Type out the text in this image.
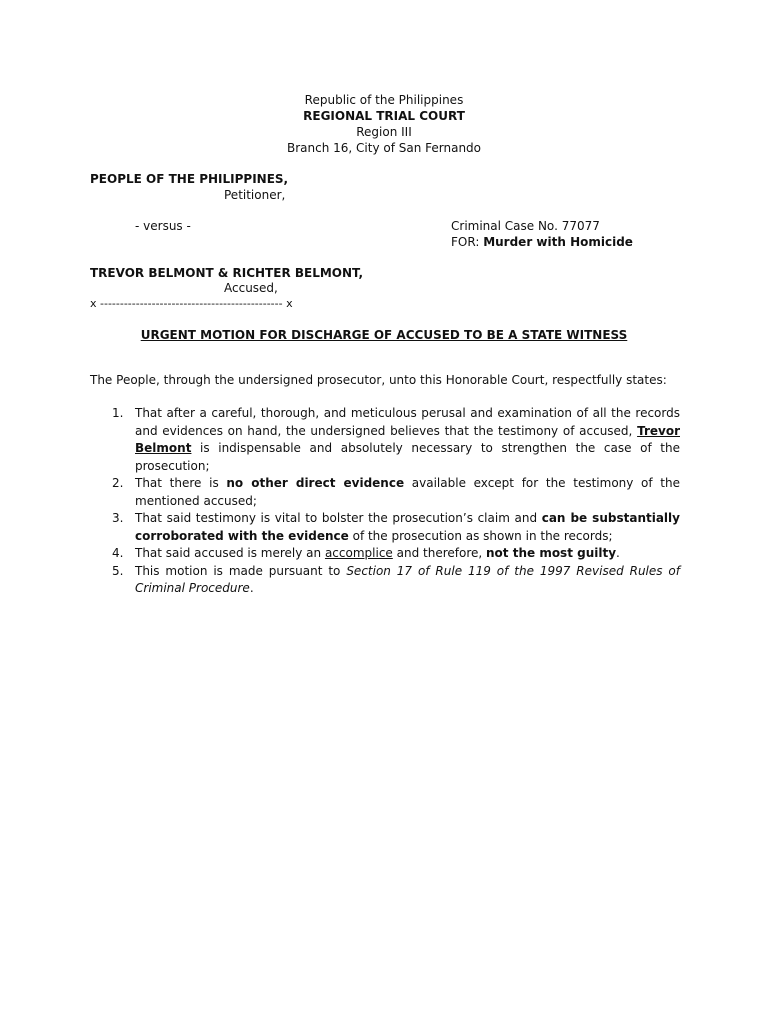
Republic of the Philippines
REGIONAL TRIAL COURT
Region III
Branch 16, City of San Fernando
PEOPLE OF THE PHILIPPINES,
Petitioner,
- versus -	Criminal Case No. 77077
FOR: Murder with Homicide
TREVOR BELMONT & RICHTER BELMONT,
Accused,
x ---------------------------------------------- x
URGENT MOTION FOR DISCHARGE OF ACCUSED TO BE A STATE WITNESS
The People, through the undersigned prosecutor, unto this Honorable Court, respectfully states:
1. That after a careful, thorough, and meticulous perusal and examination of all the records and evidences on hand, the undersigned believes that the testimony of accused, Trevor Belmont is indispensable and absolutely necessary to strengthen the case of the prosecution;
2. That there is no other direct evidence available except for the testimony of the mentioned accused;
3. That said testimony is vital to bolster the prosecution’s claim and can be substantially corroborated with the evidence of the prosecution as shown in the records;
4. That said accused is merely an accomplice and therefore, not the most guilty.
5. This motion is made pursuant to Section 17 of Rule 119 of the 1997 Revised Rules of Criminal Procedure.
